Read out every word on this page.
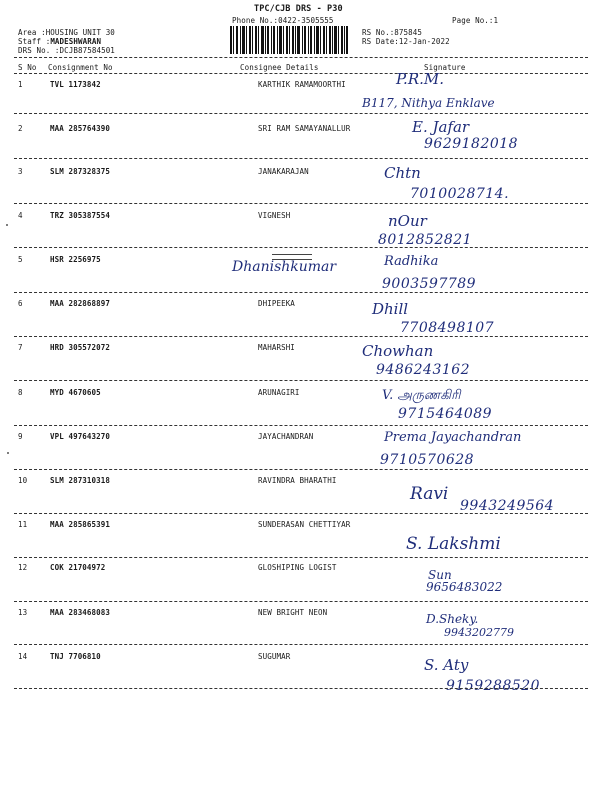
TPC/CJB DRS - P30
Phone No.:0422-3505555	Page No.:1
Area :HOUSING UNIT 30
Staff :MADESHWARAN
DRS No. :DCJB87584501
RS No.:875845
RS Date:12-Jan-2022
S No Consignment No	Consignee Details	Signature
1	TVL 1173842	KARTHIK RAMAMOORTHI	P.R.M.
B117, Nithya Enklave
2	MAA 285764390	SRI RAM SAMAYANALLUR	E. Jafar
9629182018
3	SLM 287328375	JANAKARAJAN	Chtn
7010028714.
4	TRZ 305387554	VIGNESH	nOur
8012852821
5	HSR 2256975	Dhanishkumar	Radhika
9003597789
6	MAA 282868897	DHIPEEKA	Dhill
7708498107
7	HRD 305572072	MAHARSHI	Chowhan
9486243162
8	MYD 4670605	ARUNAGIRI	V. அருணகிரி
9715464089
9	VPL 497643270	JAYACHANDRAN	Prema Jayachandran
9710570628
10	SLM 287310318	RAVINDRA BHARATHI
Ravi
9943249564
11	MAA 285865391	SUNDERASAN CHETTIYAR
S. Lakshmi
12	COK 21704972	GLOSHIPING LOGIST
Sun
9656483022
13	MAA 283468083	NEW BRIGHT NEON	D.Sheky.
9943202779
14	TNJ 7706810	SUGUMAR	S. Aty
9159288520
